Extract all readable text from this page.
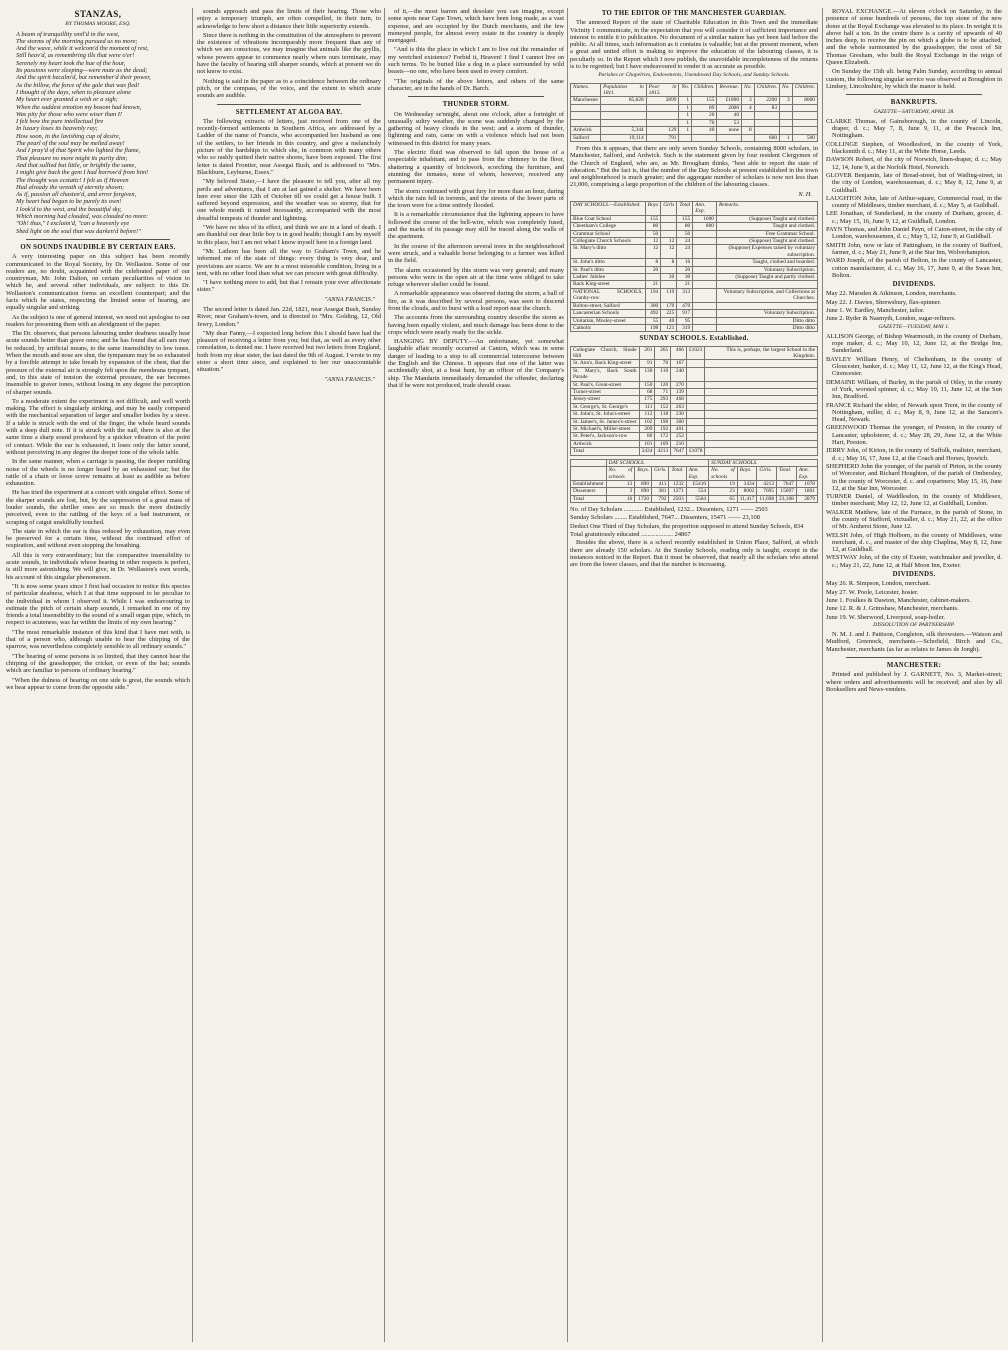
STANZAS,
BY THOMAS MOORE, ESQ.
A beam of tranquillity smil'd in the west,
The storms of the morning pursued us no more;
And the wave, while it welcom'd the moment of rest,
Still heav'd, as remembring ills that were o'er!
Serenely my heart took the hue of the hour,
Its passions were sleeping—were mute as the dead;
And the spirit becalm'd, but remember'd their power,
As the billow, the force of the gale that was fled!
I thought of the days, when to pleasure alone
My heart ever granted a wish or a sigh;
When the saddest emotion my bosom had known,
Was pity for those who were wiser than I!
I felt how the pure intellectual fire
In luxury loses its heavenly ray;
How soon, in the lavishing cup of desire,
The pearl of the soul may be melted away!
And I pray'd of that Spirit who lighted the flame,
That pleasure no more might its purity dim;
And that sullied but little, or brightly the same,
I might give back the gem I had borrow'd from him!
The thought was ecstatic! I felt as if Heaven
Had already the wreath of eternity shown;
As if, passion all chasten'd, and error forgiven,
My heart had begun to be purely its own!
I look'd to the west, and the beautiful sky,
Which morning had clouded, was clouded no more:
"Oh! thus," I exclaim'd, "can a heavenly eye
Shed light on the soul that was darken'd before!"
ON SOUNDS INAUDIBLE BY CERTAIN EARS.

A very interesting paper on this subject has been recently communicated to the Royal Society, by Dr. Wollaston. Some of our readers are, no doubt, acquainted with the celebrated paper of our countryman, Mr. John Dalton, on certain peculiarities of vision to which he, and several other individuals, are subject: to this Dr. Wollaston's communication forms an excellent counterpart; and the facts which he states, respecting the limited sense of hearing, are equally singular and striking.

As the subject is one of general interest, we need not apologise to our readers for presenting them with an abridgment of the paper.

The Dr. observes, that persons labouring under deafness usually hear acute sounds better than grave ones; and he has found that all ears may be reduced, by artificial means, to the same insensibility to low tones. When the mouth and nose are shut, the tympanum may be so exhausted by a forcible attempt to take breath by expansion of the chest, that the pressure of the external air is strongly felt upon the membrana tympani, and, in this state of tension the external pressure, the ear becomes insensible to graver tones, without losing in any degree the perception of sharper sounds.

To a moderate extent the experiment is not difficult, and well worth making. The effect is singularly striking, and may be easily compared with the mechanical separation of larger and smaller bodies by a sieve. If a table is struck with the end of the finger, the whole heard sounds with a deep dull note. If it is struck with the nail, there is also at the same time a sharp sound produced by a quicker vibration of the point of contact. While the ear is exhausted, it loses only the latter sound, without perceiving in any degree the deeper tone of the whole table.

In the same manner, when a carriage is passing, the deeper rumbling noise of the wheels is no longer heard by an exhausted ear; but the rattle of a chain or loose screw remains at least as audible as before exhaustion.

He has tried the experiment at a concert with singular effect. Some of the sharper sounds are lost, but, by the suppression of a great mass of louder sounds, the shriller ones are so much the more distinctly perceived, even to the rattling of the keys of a bad instrument, or scraping of catgut unskilfully touched.

The state in which the ear is thus reduced by exhaustion, may even be preserved for a certain time, without the continued effort of respiration, and without even stopping the breathing.

All this is very extraordinary; but the comparative insensibility to acute sounds, in individuals whose hearing in other respects is perfect, is still more astonishing. We will give, in Dr. Wollaston's own words, his account of this singular phenomenon.

"It is now some years since I first had occasion to notice this species of particular deafness, which I at that time supposed to be peculiar to the individual in whom I observed it. While I was endeavouring to estimate the pitch of certain sharp sounds, I remarked in one of my friends a total insensibility to the sound of a small organ pipe, which, in respect to acuteness, was far within the limits of my own hearing."

"The most remarkable instance of this kind that I have met with, is that of a person who, although unable to hear the chirping of the sparrow, was nevertheless completely sensible to all ordinary sounds."

"The hearing of some persons is so limited, that they cannot hear the chirping of the grasshopper, the cricket, or even of the bat; sounds which are familiar to persons of ordinary hearing."

"When the dulness of hearing on one side is great, the sounds which we hear appear to come from the opposite side."

sounds approach and pass the limits of their hearing. Those who enjoy a temporary triumph, are often compelled, in their turn, to acknowledge to how short a distance their little superiority extends.

Since there is nothing in the constitution of the atmosphere to prevent the existence of vibrations incomparably more frequent than any of which we are conscious, we may imagine that animals like the gryllis, whose powers appear to commence nearly where ours terminate, may have the faculty of hearing still sharper sounds, which at present we do not know to exist.

Nothing is said in the paper as to a coincidence between the ordinary pitch, or the compass, of the voice, and the extent to which acute sounds are audible.

SETTLEMENT AT ALGOA BAY.

The following extracts of letters, just received from one of the recently-formed settlements in Southern Africa, are addressed by a Ladder of the name of Francis, who accompanied her husband as one of the settlers, to her friends in this country, and give a melancholy picture of the hardships to which she, in common with many others who so rashly quitted their native shores, have been exposed. The first letter is dated Frontier, near Assegai Bush, and is addressed to "Mrs. Blackburn, Leyburne, Essex."

"My beloved Sister,—I have the pleasure to tell you, after all my perils and adventures, that I am at last gained a shelter. We have been here ever since the 12th of October till we could get a house built. I suffered beyond expression, and the weather was so stormy, that for one whole month it rained incessantly, accompanied with the most dreadful tempests of thunder and lightning.

"We have no idea of its effect, and think we are in a land of death. I am thankful our dear little boy is in good health; though I am by myself in this place, but I am not what I know myself here in a foreign land.

"Mr. Lathom has been all the way to Graham's Town, and he informed me of the state of things: every thing is very dear, and provisions are scarce. We are in a most miserable condition, living in a tent, with no other food than what we can procure with great difficulty.

"I have nothing more to add, but that I remain your ever affectionate sister."

"ANNA FRANCIS."

The second letter is dated Jan. 22d, 1821, near Assegai Bush, Sunday River, near Graham's-town, and is directed to "Mrs. Golding, 12, Old Jewry, London."

"My dear Fanny,—I expected long before this I should have had the pleasure of receiving a letter from you; but that, as well as every other consolation, is denied me. I have received but two letters from England, both from my dear sister, the last dated the 9th of August. I wrote to my sister a short time since, and explained to her our unaccountable situation."

"ANNA FRANCIS."

of it,—the most barren and desolate you can imagine, except some spots near Cape Town, which have been long made, as a vast expense, and are occupied by the Dutch merchants, and the few moneyed people, for almost every estate in the country is deeply mortgaged.

"And is this the place in which I am to live out the remainder of my wretched existence? Forbid it, Heaven! I find I cannot live on such terms. To be buried like a dog in a place surrounded by wild beasts—no one, who have been used to every comfort.

"The originals of the above letters, and others of the same character, are in the hands of Dr. Barch.

THUNDER STORM.

On Wednesday se'nnight, about one o'clock, after a fortnight of unusually sultry weather, the scene was suddenly changed by the gathering of heavy clouds in the west; and a storm of thunder, lightning and rain, came on with a violence which had not been witnessed in this district for many years.

The electric fluid was observed to fall upon the house of a respectable inhabitant, and to pass from the chimney to the floor, shattering a quantity of brickwork, scorching the furniture, and stunning the inmates, none of whom, however, received any permanent injury.

The storm continued with great fury for more than an hour, during which the rain fell in torrents, and the streets of the lower parts of the town were for a time entirely flooded.

It is a remarkable circumstance that the lightning appears to have followed the course of the bell-wire, which was completely fused, and the marks of its passage may still be traced along the walls of the apartment.

In the course of the afternoon several trees in the neighbourhood were struck, and a valuable horse belonging to a farmer was killed in the field.

The alarm occasioned by this storm was very general; and many persons who were in the open air at the time were obliged to take refuge wherever shelter could be found.

A remarkable appearance was observed during the storm, a ball of fire, as it was described by several persons, was seen to descend from the clouds, and to burst with a loud report near the church.

The accounts from the surrounding country describe the storm as having been equally violent, and much damage has been done to the crops which were nearly ready for the sickle.

HANGING BY DEPUTY.—An unfortunate, yet somewhat laughable affair recently occurred at Canton, which was in some danger of leading to a stop to all commercial intercourse between the English and the Chinese. It appears that one of the latter was accidentally shot, at a boat hunt, by an officer of the Company's ship. The Mandarin immediately demanded the offender, declaring that if he were not produced, trade should cease.

TO THE EDITOR OF THE MANCHESTER GUARDIAN.

The annexed Report of the state of Charitable Education in this Town and the immediate Vicinity I communicate, in the expectation that you will consider it of sufficient importance and interest to entitle it to publication. No document of a similar nature has yet been laid before the public. At all times, such information as it contains is valuable; but at the present moment, when a great and united effort is making to improve the education of the labouring classes, it is peculiarly so. In the Report which I now publish, the unavoidable incompleteness of the returns is to be regretted; but I have endeavoured to render it as accurate as possible.

Parishes or Chapelries, Endowments, Unendowed Day Schools, and Sunday Schools.
Names.	Population in 1811.	Poor in 1815.	No.	Children.	Revenue.	No.	Children.	No.	Children.
Manchester	85,828	2899	1	155	£1800	3	2200	3	8000
			1	89	2000	4	83		
			1	20	40				
			1	70	53				
Ardwick	5,344	129	1	40	none	8			
Salford	19,114	791					600	1	500

From this it appears, that there are only seven Sunday Schools, containing 8000 scholars, in Manchester, Salford, and Ardwick. Such is the statement given by four resident Clergymen of the Church of England, who are, as Mr. Brougham thinks, "best able to report the state of education." But the fact is, that the number of the Day Schools at present established in the town and neighbourhood is much greater; and the aggregate number of scholars is now not less than 21,000, comprising a large proportion of the children of the labouring classes.

N. H.
DAY SCHOOLS.—Established.	Boys	Girls	Total	Ann. Exp.	Remarks.
Blue Coat School	155		155	1600	(Suppose) Taught and clothed.
Cheetham's College	80		80	800	Taught and clothed.
Grammar School	50		50		Free Grammar School.
Collegiate Church Schools	12	12	24		(Suppose) Taught and clothed.
St. Mary's ditto	12	12	24		(Suppose) Expenses raised by voluntary subscription.
St. John's ditto	8	8	16		Taught, clothed and boarded.
St. Paul's ditto	20		20		Voluntary Subscription.
Ladies' Jubilee		30	30		(Suppose) Taught and partly clothed.
Back King-street	21		21		
NATIONAL SCHOOLS, Granby-row	194	119	313		Voluntary Subscription, and Collections at Churches.
Bolton-street, Salford	300	170	470		
Lancasterian Schools	492	225	917		Voluntary Subscription.
Unitarian, Mosley-street	55	40	95		Ditto ditto
Catholic	198	121	319		Ditto ditto
SUNDAY SCHOOLS. Established.
Collegiate Church, Shude Hill	201	265	466	£1023	This is, perhaps, the largest School in the Kingdom.
St. Ann's, Back King-street	91	76	167		
St. Mary's, Back South Parade	130	110	240		
St. Paul's, Great-street	150	120	270		
Turner-street	68	71	139		
Jersey-street	175	293	468		
St. George's, St. George's	111	152	263		
St. John's, St. John's-street	112	118	230		
St. Jamee's, St. James's-street	102	198	300		
St. Michael's, Miller-street	209	192	401		
St. Peter's, Jackson's-row	80	172	252		
Ardwick	101	109	210		
Total	3434	4213	7647	£1078	
	DAY SCHOOLS.					SUNDAY SCHOOLS.				
	No. of schools	Boys.	Girls.	Total.	Ann. Exp.	No. of schools	Boys.	Girls.	Total.	Ann. Exp.
Establishment	13	890	411	1232	£5410	19	3434	4213	7647	1078
Dissenters	3	890	381	1271	554	23	8002	7695	15697	1801
Total	16	1720	792	2503	5564	65	11,417	11,698	23,108	2879
No. of Day Scholars ............ Established, 1232... Dissenters, 1271 —— 2503
Sunday Scholars ........ Established, 7647... Dissenters, 15471 —— 23,108
Deduct One Third of Day Scholars, the proportion supposed to attend Sunday Schools, 834
Total gratuitously educated .................... 24867

Besides the above, there is a school recently established in Union Place, Salford, at which there are already 150 scholars. At the Sunday Schools, reading only is taught, except in the instances noticed in the Report. But it must be observed, that nearly all the scholars who attend are from the lower classes, and that the number is increasing.

ROYAL EXCHANGE.—At eleven o'clock on Saturday, in the presence of some hundreds of persons, the top stone of the new dome at the Royal Exchange was elevated to its place. In weight it is above half a ton. In the centre there is a cavity of upwards of 40 inches deep, to receive the pin on which a globe is to be attached, and the whole surmounted by the grasshopper, the crest of Sir Thomas Gresham, who built the Royal Exchange in the reign of Queen Elizabeth.

On Sunday the 15th ult. being Palm Sunday, according to annual custom, the following singular service was observed at Broughton in Lindsey, Lincolnshire, by which the manor is held.

BANKRUPTS.
GAZETTE—SATURDAY, APRIL 28.
CLARKE Thomas, of Gainsborough, in the county of Lincoln, draper, d. c.; May 7, 8, June 9, 11, at the Peacock Inn, Nottingham.
COLLINGE Stephen, of Woodlesford, in the county of York, blacksmith d. c.; May 11, at the White Horse, Leeds.
DAWSON Robert, of the city of Norwich, linen-draper, d. c.; May 12, 14, June 9, at the Norfolk Hotel, Norwich.
GLOVER Benjamin, late of Bread-street, but of Watling-street, in the city of London, warehouseman, d. c.; May 8, 12, June 9, at Guildhall.
LAUGHTON John, late of Arthur-square, Commercial road, in the county of Middlesex, timber merchant, d. c.; May 5, at Guildhall.
LEE Jonathan, of Sunderland, in the county of Durham, grocer, d. c.; May 15, 16, June 9, 12, at Guildhall, London.
PAYN Thomas, and John Daniel Payn, of Caton-street, in the city of London, warehousemen, d. c.; May 5, 12, June 9, at Guildhall.
SMITH John, now or late of Pattingham, in the county of Stafford, farmer, d. c.; May 21, June 9, at the Star Inn, Wolverhampton.
WARD Joseph, of the parish of Bolton, in the county of Lancaster, cotton manufacturer, d. c.; May 16, 17, June 9, at the Swan Inn, Bolton.
DIVIDENDS.
May 22. Marsden & Atkinson, London, merchants.
May 22. J. Davies, Shrewsbury, flax-spinner.
June 1. W. Eardley, Manchester, tailor.
June 2. Ryder & Nasmyth, London, sugar-refiners.
GAZETTE—TUESDAY, MAY 1.
ALLISON George, of Bishop Wearmouth, in the county of Durham, rope maker, d. c.; May 10, 12, June 12, at the Bridge Inn, Sunderland.
BAYLEY William Henry, of Cheltenham, in the county of Gloucester, banker, d. c.; May 11, 12, June 12, at the King's Head, Cirencester.
DEMAINE William, of Burley, in the parish of Otley, in the county of York, worsted spinner, d. c.; May 10, 11, June 12, at the Sun Inn, Bradford.
FRANCE Richard the elder, of Newark upon Trent, in the county of Nottingham, miller, d. c.; May 8, 9, June 12, at the Saracen's Head, Newark.
GREENWOOD Thomas the younger, of Preston, in the county of Lancaster, upholsterer, d. c.; May 28, 29, June 12, at the White Hart, Preston.
JERRY John, of Kirton, in the county of Suffolk, maltster, merchant, d. c.; May 16, 17, June 12, at the Coach and Horses, Ipswich.
SHEPHERD John the younger, of the parish of Pirton, in the county of Worcester, and Richard Houghton, of the parish of Ombersley, in the county of Worcester, d. c. and copartners; May 15, 16, June 12, at the Star Inn, Worcester.
TURNER Daniel, of Waddlesdon, in the county of Middlesex, timber merchant; May 12, 12, June 12, at Guildhall, London.
WALKER Matthew, late of the Furnace, in the parish of Stone, in the county of Stafford, victualler, d. c.; May 21, 22, at the office of Mr. Amherst Stone, June 12.
WELSH John, of High Holborn, in the county of Middlesex, wine merchant, d. c., and master of the ship Chaplina, May 8, 12, June 12, at Guildhall.
WESTWAY John, of the city of Exeter, watchmaker and jeweller, d. c.; May 21, 22, June 12, at Half Moon Inn, Exeter.
DIVIDENDS.
May 26. R. Simpson, London, merchant.
May 27. W. Poole, Leicester, hosier.
June 1. Foulkes & Dawton, Manchester, cabinet-makers.
June 12. R. & J. Grimshaw, Manchester, merchants.
June 19. W. Sherwood, Liverpool, soap-boiler.
DISSOLUTION OF PARTNERSHIP.

N. M. J. and J. Pattison, Congleton, silk throwsters.—Watson and Mudford, Greenock, merchants.—Schofield, Birch and Co., Manchester, merchants (as far as relates to James de Jongh).

MANCHESTER:

Printed and published by J. GARNETT, No. 3, Market-street; where orders and advertisements will be received; and also by all Booksellers and News-venders.
